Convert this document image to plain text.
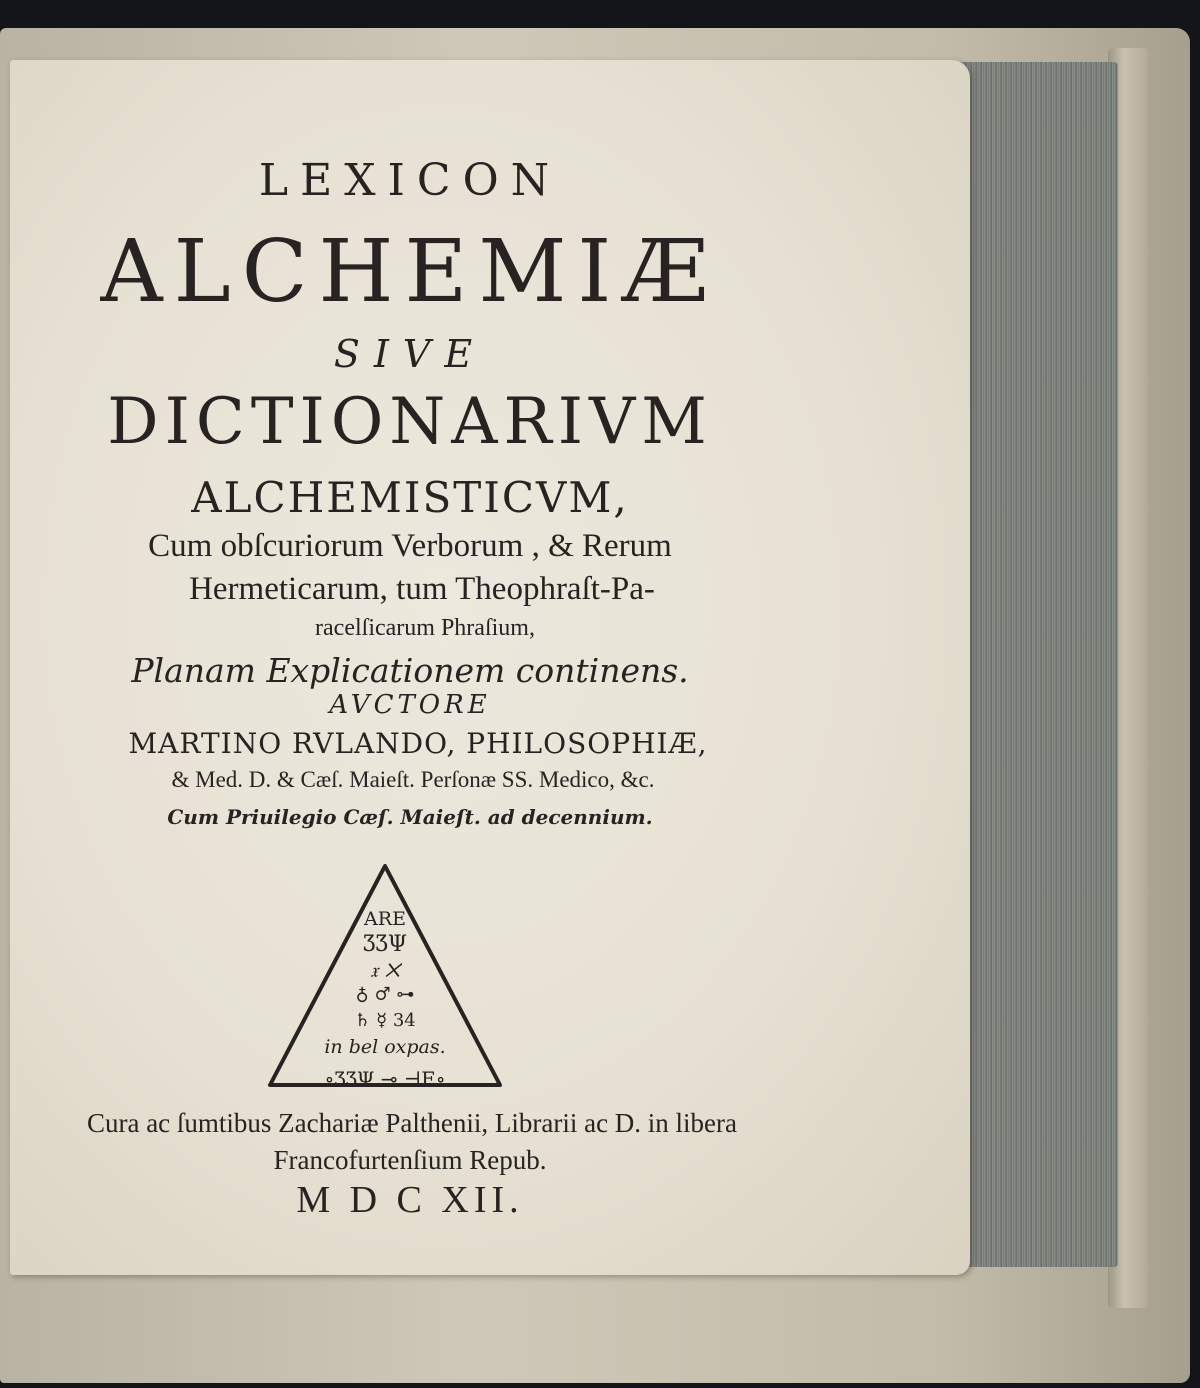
LEXICON
ALCHEMIÆ
SIVE
DICTIONARIVM
ALCHEMISTICVM,
Cum obſcuriorum Verborum , & Rerum
Hermeticarum, tum Theophraſt-Pa-
racelſicarum Phraſium,
Planam Explicationem continens.
AVCTORE
MARTINO RVLANDO, PHILOSOPHIÆ,
& Med. D. & Cæſ. Maieſt. Perſonæ SS. Medico, &c.
Cum Priuilegio Cæſ. Maieſt. ad decennium.
ARE
ƷƷΨ
𝔵 ✕
♁ ♂ ⊶
♄ ☿ 34
in bel oxpas.
∘ƷƷΨ ⊸ ⊣E∘
Cura ac ſumtibus Zachariæ Palthenii, Librarii ac D. in libera
Francofurtenſium Repub.
M D C XII.
